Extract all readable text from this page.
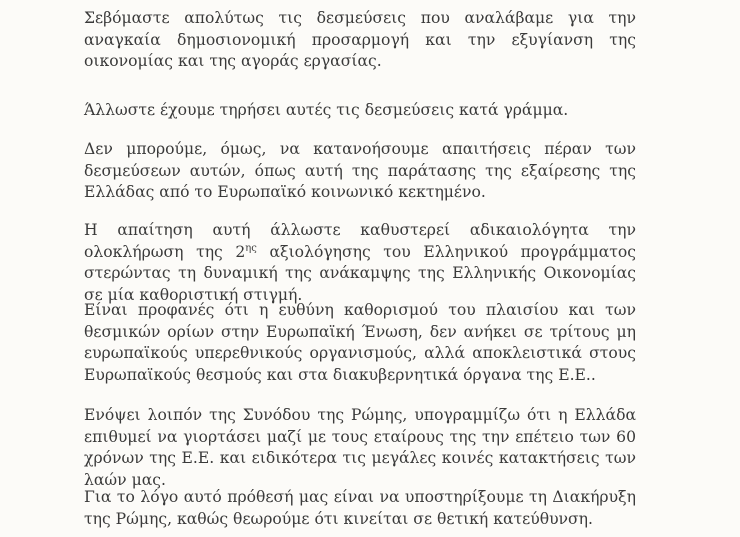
Σεβόμαστε απολύτως τις δεσμεύσεις που αναλάβαμε για την αναγκαία δημοσιονομική προσαρμογή και την εξυγίανση της οικονομίας και της αγοράς εργασίας.

Άλλωστε έχουμε τηρήσει αυτές τις δεσμεύσεις κατά γράμμα.

Δεν μπορούμε, όμως, να κατανοήσουμε απαιτήσεις πέραν των δεσμεύσεων αυτών, όπως αυτή της παράτασης της εξαίρεσης της Ελλάδας από το Ευρωπαϊκό κοινωνικό κεκτημένο.

Η απαίτηση αυτή άλλωστε καθυστερεί αδικαιολόγητα την ολοκλήρωση της $2^{\eta\varsigma}$ αξιολόγησης του Ελληνικού προγράμματος στερώντας τη δυναμική της ανάκαμψης της Ελληνικής Οικονομίας σε μία καθοριστική στιγμή.

Είναι προφανές ότι η ευθύνη καθορισμού του πλαισίου και των θεσμικών ορίων στην Ευρωπαϊκή Ένωση, δεν ανήκει σε τρίτους μη ευρωπαϊκούς υπερεθνικούς οργανισμούς, αλλά αποκλειστικά στους Ευρωπαϊκούς θεσμούς και στα διακυβερνητικά όργανα της Ε.Ε..

Ενόψει λοιπόν της Συνόδου της Ρώμης, υπογραμμίζω ότι η Ελλάδα επιθυμεί να γιορτάσει μαζί με τους εταίρους της την επέτειο των 60 χρόνων της Ε.Ε. και ειδικότερα τις μεγάλες κοινές κατακτήσεις των λαών μας.

Για το λόγο αυτό πρόθεσή μας είναι να υποστηρίξουμε τη Διακήρυξη της Ρώμης, καθώς θεωρούμε ότι κινείται σε θετική κατεύθυνση.
